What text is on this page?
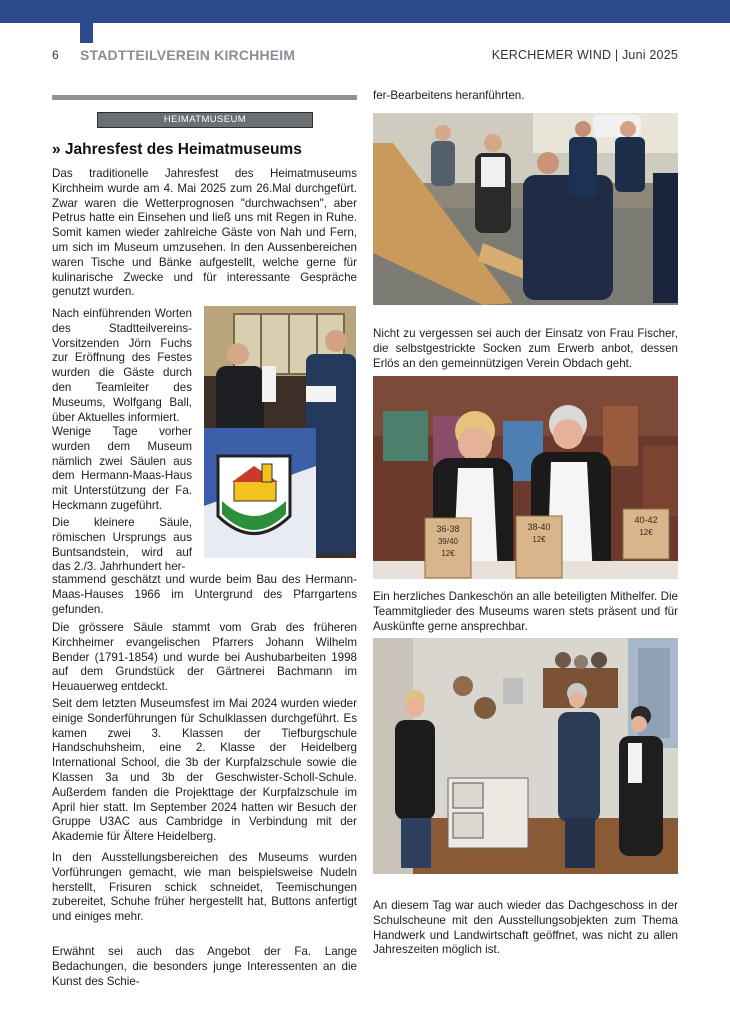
6 STADTTEILVEREIN KIRCHHEIM	KERCHEMER WIND | Juni 2025
HEIMATMUSEUM
» Jahresfest des Heimatmuseums
Das traditionelle Jahresfest des Heimatmuseums Kirchheim wurde am 4. Mai 2025 zum 26.Mal durchgefürt. Zwar waren die Wetterprognosen "durchwachsen", aber Petrus hatte ein Einsehen und ließ uns mit Regen in Ruhe. Somit kamen wieder zahlreiche Gäste von Nah und Fern, um sich im Museum umzusehen. In den Aussenbereichen waren Tische und Bänke aufgestellt, welche gerne für kulinarische Zwecke und für interessante Gespräche genutzt wurden.
Nach einführenden Worten des Stadtteilvereins-Vorsitzenden Jörn Fuchs zur Eröffnung des Festes wurden die Gäste durch den Teamleiter des Museums, Wolfgang Ball, über Aktuelles informiert.
Wenige Tage vorher wurden dem Museum nämlich zwei Säulen aus dem Hermann-Maas-Haus mit Unterstützung der Fa. Heckmann zugeführt.
Die kleinere Säule, römischen Ursprungs aus Buntsandstein, wird auf das 2./3. Jahrhundert her-
stammend geschätzt und wurde beim Bau des Hermann-Maas-Hauses 1966 im Untergrund des Pfarrgartens gefunden.
Die grössere Säule stammt vom Grab des früheren Kirchheimer evangelischen Pfarrers Johann Wilhelm Bender (1791-1854) und wurde bei Aushubarbeiten 1998 auf dem Grundstück der Gärtnerei Bachmann im Heuauerweg entdeckt.
Seit dem letzten Museumsfest im Mai 2024 wurden wieder einige Sonderführungen für Schulklassen durchgeführt. Es kamen zwei 3. Klassen der Tiefburgschule Handschuhsheim, eine 2. Klasse der Heidelberg International School, die 3b der Kurpfalzschule sowie die Klassen 3a und 3b der Geschwister-Scholl-Schule. Außerdem fanden die Projekttage der Kurpfalzschule im April hier statt. Im September 2024 hatten wir Besuch der Gruppe U3AC aus Cambridge in Verbindung mit der Akademie für Ältere Heidelberg.
In den Ausstellungsbereichen des Museums wurden Vorführungen gemacht, wie man beispielsweise Nudeln herstellt, Frisuren schick schneidet, Teemischungen zubereitet, Schuhe früher hergestellt hat, Buttons anfertigt und einiges mehr.
Erwähnt sei auch das Angebot der Fa. Lange Bedachungen, die besonders junge Interessenten an die Kunst des Schie-
fer-Bearbeitens heranführten.
Nicht zu vergessen sei auch der Einsatz von Frau Fischer, die selbstgestrickte Socken zum Erwerb anbot, dessen Erlös an den gemeinnützigen Verein Obdach geht.
Ein herzliches Dankeschön an alle beteiligten Mithelfer. Die Teammitglieder des Museums waren stets präsent und für Auskünfte gerne ansprechbar.
An diesem Tag war auch wieder das Dachgeschoss in der Schulscheune mit den Ausstellungsobjekten zum Thema Handwerk und Landwirtschaft geöffnet, was nicht zu allen Jahreszeiten möglich ist.
36-38
39/40
12€
38-40
12€
40-42
12€
